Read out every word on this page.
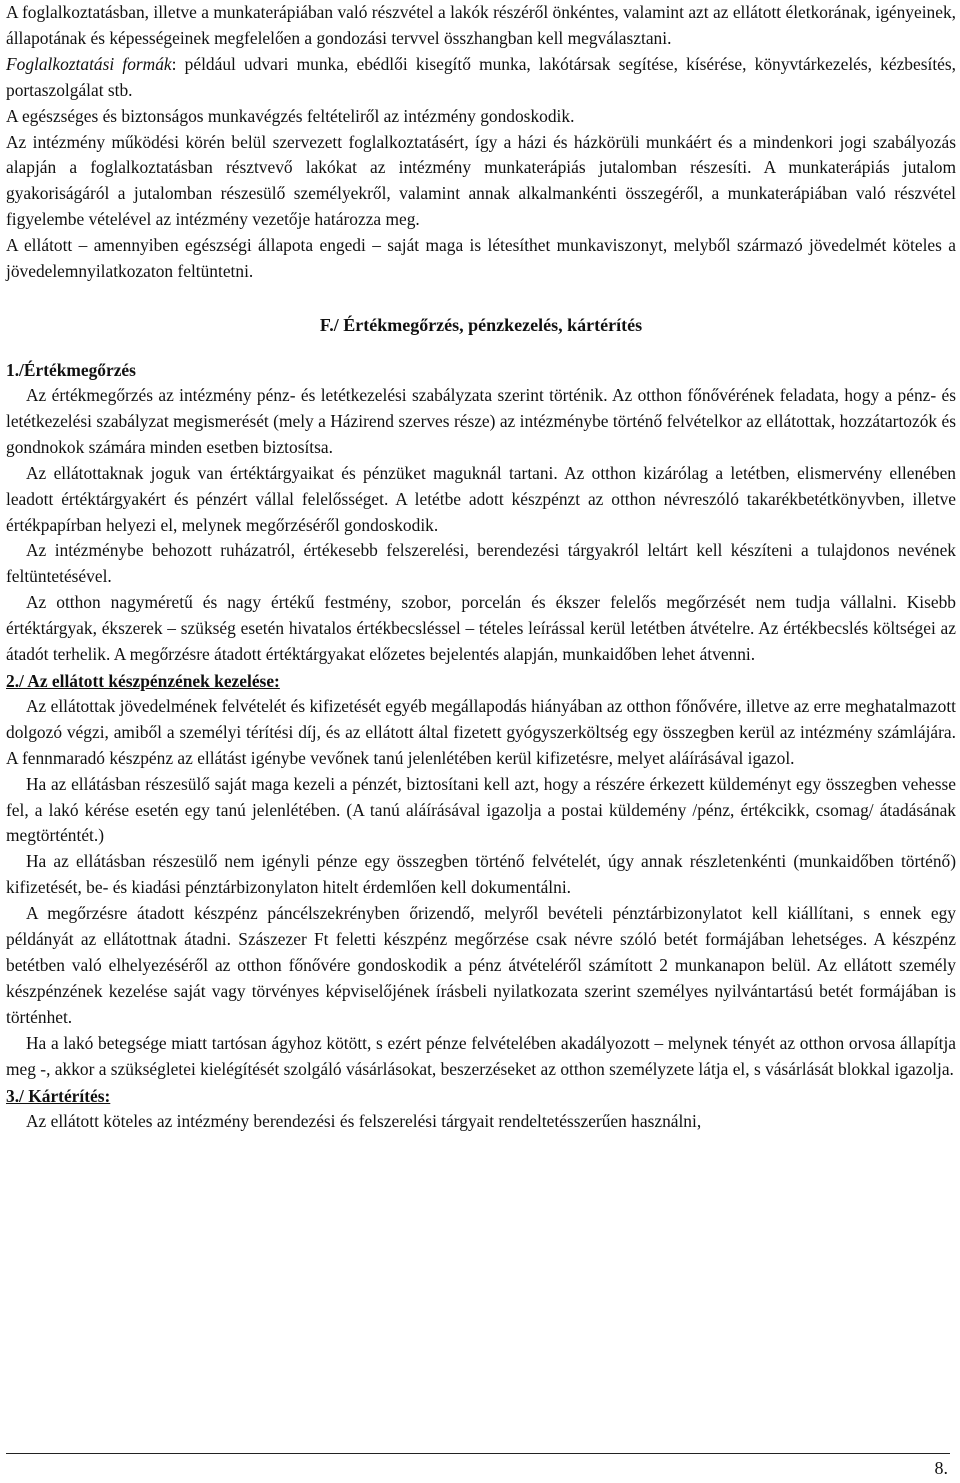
A foglalkoztatásban, illetve a munkaterápiában való részvétel a lakók részéről önkéntes, valamint azt az ellátott életkorának, igényeinek, állapotának és képességeinek megfelelően a gondozási tervvel összhangban kell megválasztani.

Foglalkoztatási formák: például udvari munka, ebédlői kisegítő munka, lakótársak segítése, kísérése, könyvtárkezelés, kézbesítés, portaszolgálat stb.

A egészséges és biztonságos munkavégzés feltételiről az intézmény gondoskodik.

Az intézmény működési körén belül szervezett foglalkoztatásért, így a házi és házkörüli munkáért és a mindenkori jogi szabályozás alapján a foglalkoztatásban résztvevő lakókat az intézmény munkaterápiás jutalomban részesíti. A munkaterápiás jutalom gyakoriságáról a jutalomban részesülő személyekről, valamint annak alkalmankénti összegéről, a munkaterápiában való részvétel figyelembe vételével az intézmény vezetője határozza meg.

A ellátott – amennyiben egészségi állapota engedi – saját maga is létesíthet munkaviszonyt, melyből származó jövedelmét köteles a jövedelemnyilatkozaton feltüntetni.

F./ Értékmegőrzés, pénzkezelés, kártérítés

1./Értékmegőrzés

Az értékmegőrzés az intézmény pénz- és letétkezelési szabályzata szerint történik. Az otthon főnővérének feladata, hogy a pénz- és letétkezelési szabályzat megismerését (mely a Házirend szerves része) az intézménybe történő felvételkor az ellátottak, hozzátartozók és gondnokok számára minden esetben biztosítsa.

Az ellátottaknak joguk van értéktárgyaikat és pénzüket maguknál tartani. Az otthon kizárólag a letétben, elismervény ellenében leadott értéktárgyakért és pénzért vállal felelősséget. A letétbe adott készpénzt az otthon névreszóló takarékbetétkönyvben, illetve értékpapírban helyezi el, melynek megőrzéséről gondoskodik.

Az intézménybe behozott ruházatról, értékesebb felszerelési, berendezési tárgyakról leltárt kell készíteni a tulajdonos nevének feltüntetésével.

Az otthon nagyméretű és nagy értékű festmény, szobor, porcelán és ékszer felelős megőrzését nem tudja vállalni. Kisebb értéktárgyak, ékszerek – szükség esetén hivatalos értékbecsléssel – tételes leírással kerül letétben átvételre. Az értékbecslés költségei az átadót terhelik. A megőrzésre átadott értéktárgyakat előzetes bejelentés alapján, munkaidőben lehet átvenni.

2./ Az ellátott készpénzének kezelése:

Az ellátottak jövedelmének felvételét és kifizetését egyéb megállapodás hiányában az otthon főnővére, illetve az erre meghatalmazott dolgozó végzi, amiből a személyi térítési díj, és az ellátott által fizetett gyógyszerköltség egy összegben kerül az intézmény számlájára. A fennmaradó készpénz az ellátást igénybe vevőnek tanú jelenlétében kerül kifizetésre, melyet aláírásával igazol.

Ha az ellátásban részesülő saját maga kezeli a pénzét, biztosítani kell azt, hogy a részére érkezett küldeményt egy összegben vehesse fel, a lakó kérése esetén egy tanú jelenlétében. (A tanú aláírásával igazolja a postai küldemény /pénz, értékcikk, csomag/ átadásának megtörténtét.)

Ha az ellátásban részesülő nem igényli pénze egy összegben történő felvételét, úgy annak részletenkénti (munkaidőben történő) kifizetését, be- és kiadási pénztárbizonylaton hitelt érdemlően kell dokumentálni.

A megőrzésre átadott készpénz páncélszekrényben őrizendő, melyről bevételi pénztárbizonylatot kell kiállítani, s ennek egy példányát az ellátottnak átadni. Szászezer Ft feletti készpénz megőrzése csak névre szóló betét formájában lehetséges. A készpénz betétben való elhelyezéséről az otthon főnővére gondoskodik a pénz átvételéről számított 2 munkanapon belül. Az ellátott személy készpénzének kezelése saját vagy törvényes képviselőjének írásbeli nyilatkozata szerint személyes nyilvántartású betét formájában is történhet.

Ha a lakó betegsége miatt tartósan ágyhoz kötött, s ezért pénze felvételében akadályozott – melynek tényét az otthon orvosa állapítja meg -, akkor a szükségletei kielégítését szolgáló vásárlásokat, beszerzéseket az otthon személyzete látja el, s vásárlását blokkal igazolja.

3./ Kártérítés:

Az ellátott köteles az intézmény berendezési és felszerelési tárgyait rendeltetésszerűen használni,

8.
